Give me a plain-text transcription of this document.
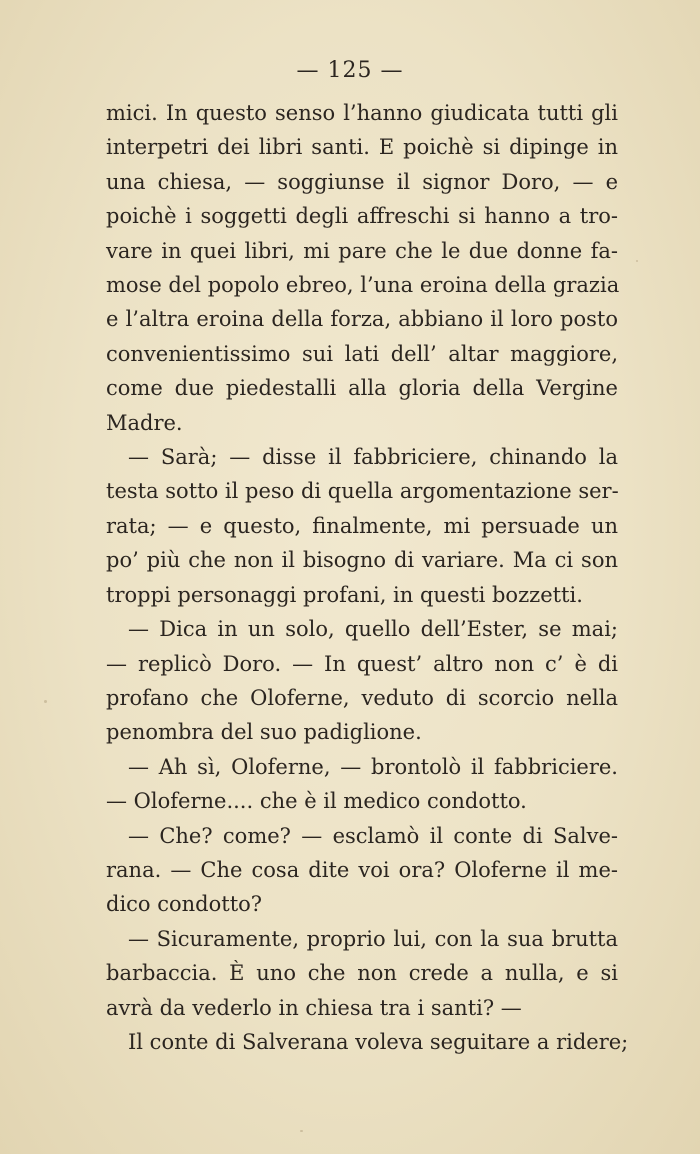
— 125 —
mici. In questo senso l’hanno giudicata tutti gli
interpetri dei libri santi. E poichè si dipinge in
una chiesa, — soggiunse il signor Doro, — e
poichè i soggetti degli affreschi si hanno a tro-
vare in quei libri, mi pare che le due donne fa-
mose del popolo ebreo, l’una eroina della grazia
e l’altra eroina della forza, abbiano il loro posto
convenientissimo sui lati dell’ altar maggiore,
come due piedestalli alla gloria della Vergine
Madre.
— Sarà; — disse il fabbriciere, chinando la
testa sotto il peso di quella argomentazione ser-
rata; — e questo, finalmente, mi persuade un
po’ più che non il bisogno di variare. Ma ci son
troppi personaggi profani, in questi bozzetti.
— Dica in un solo, quello dell’Ester, se mai;
— replicò Doro. — In quest’ altro non c’ è di
profano che Oloferne, veduto di scorcio nella
penombra del suo padiglione.
— Ah sì, Oloferne, — brontolò il fabbriciere.
— Oloferne.... che è il medico condotto.
— Che? come? — esclamò il conte di Salve-
rana. — Che cosa dite voi ora? Oloferne il me-
dico condotto?
— Sicuramente, proprio lui, con la sua brutta
barbaccia. È uno che non crede a nulla, e si
avrà da vederlo in chiesa tra i santi? —
Il conte di Salverana voleva seguitare a ridere;
